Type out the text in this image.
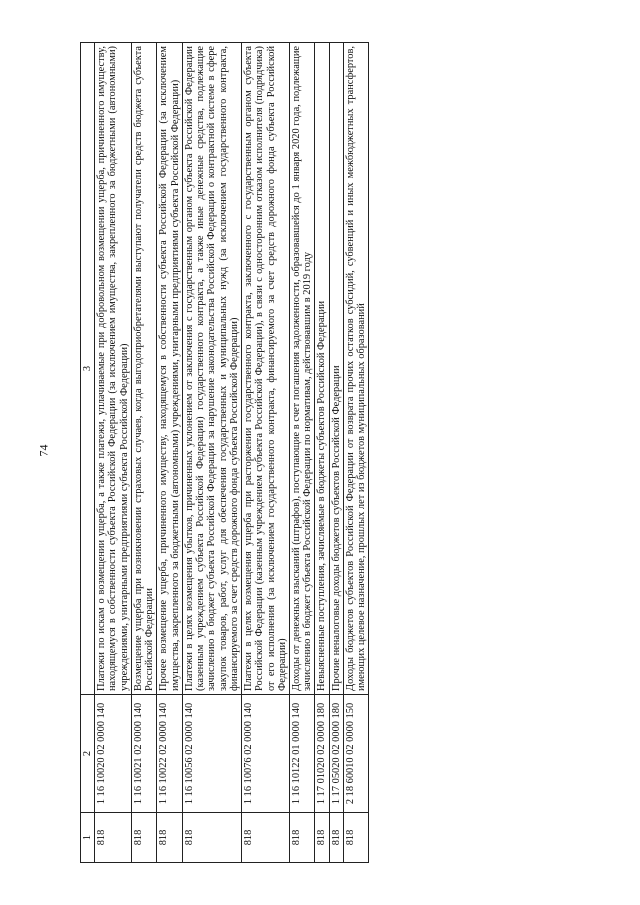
74
1	2	3
818	1 16 10020 02 0000 140	Платежи по искам о возмещении ущерба, а также платежи, уплачиваемые при добровольном возмещении ущерба, причиненного имуществу, находящемуся в собственности субъекта Российской Федерации (за исключением имущества, закрепленного за бюджетными (автономными) учреждениями, унитарными предприятиями субъекта Российской Федерации)
818	1 16 10021 02 0000 140	Возмещение ущерба при возникновении страховых случаев, когда выгодоприобретателями выступают получатели средств бюджета субъекта Российской Федерации
818	1 16 10022 02 0000 140	Прочее возмещение ущерба, причиненного имуществу, находящемуся в собственности субъекта Российской Федерации (за исключением имущества, закрепленного за бюджетными (автономными) учреждениями, унитарными предприятиями субъекта Российской Федерации)
818	1 16 10056 02 0000 140	Платежи в целях возмещения убытков, причиненных уклонением от заключения с государственным органом субъекта Российской Федерации (казенным учреждением субъекта Российской Федерации) государственного контракта, а также иные денежные средства, подлежащие зачислению в бюджет субъекта Российской Федерации за нарушение законодательства Российской Федерации о контрактной системе в сфере закупок товаров, работ, услуг для обеспечения государственных и муниципальных нужд (за исключением государственного контракта, финансируемого за счет средств дорожного фонда субъекта Российской Федерации)
818	1 16 10076 02 0000 140	Платежи в целях возмещения ущерба при расторжении государственного контракта, заключенного с государственным органом субъекта Российской Федерации (казенным учреждением субъекта Российской Федерации), в связи с односторонним отказом исполнителя (подрядчика) от его исполнения (за исключением государственного контракта, финансируемого за счет средств дорожного фонда субъекта Российской Федерации)
818	1 16 10122 01 0000 140	Доходы от денежных взысканий (штрафов), поступающие в счет погашения задолженности, образовавшейся до 1 января 2020 года, подлежащие зачислению в бюджет субъекта Российской Федерации по нормативам, действовавшим в 2019 году
818	1 17 01020 02 0000 180	Невыясненные поступления, зачисляемые в бюджеты субъектов Российской Федерации
818	1 17 05020 02 0000 180	Прочие неналоговые доходы бюджетов субъектов Российской Федерации
818	2 18 60010 02 0000 150	Доходы бюджетов субъектов Российской Федерации от возврата прочих остатков субсидий, субвенций и иных межбюджетных трансфертов, имеющих целевое назначение, прошлых лет из бюджетов муниципальных образований
